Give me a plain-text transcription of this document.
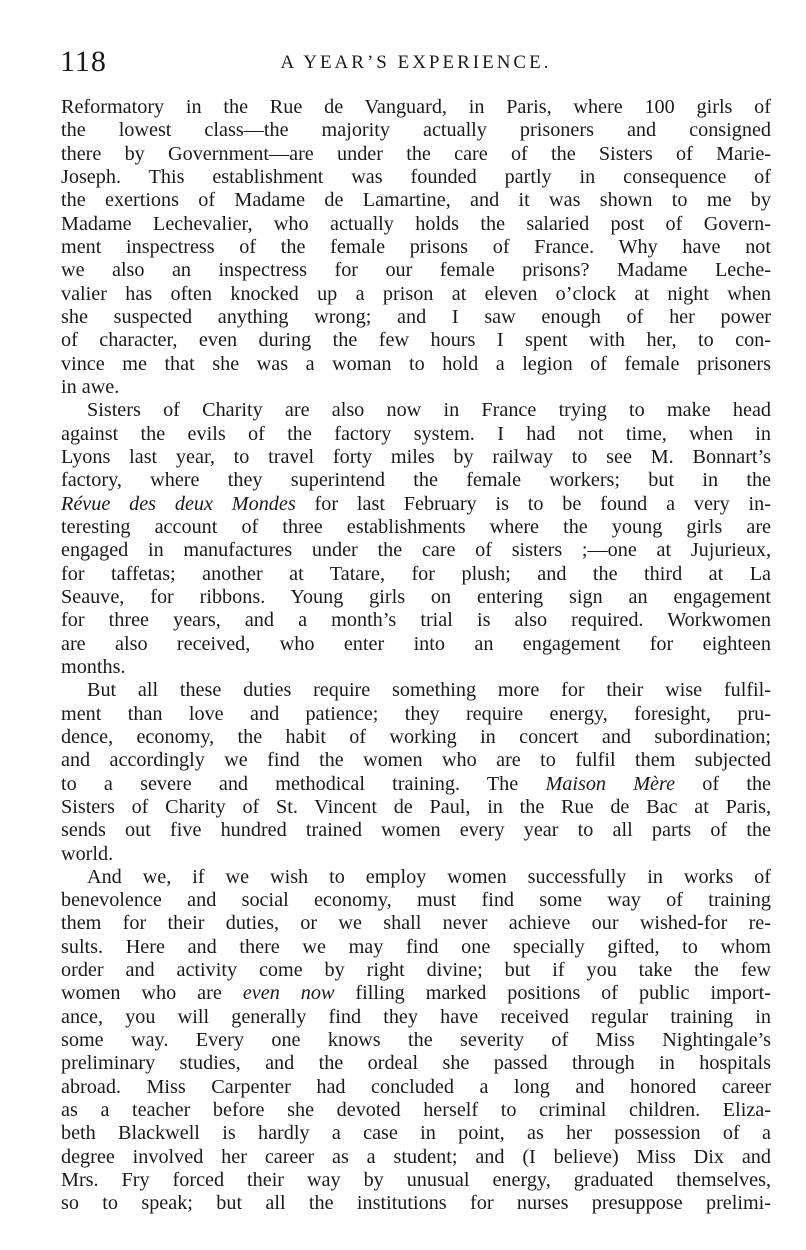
118	A YEAR’S EXPERIENCE.
Reformatory in the Rue de Vanguard, in Paris, where 100 girls of
the lowest class—the majority actually prisoners and consigned
there by Government—are under the care of the Sisters of Marie-
Joseph. This establishment was founded partly in consequence of
the exertions of Madame de Lamartine, and it was shown to me by
Madame Lechevalier, who actually holds the salaried post of Govern-
ment inspectress of the female prisons of France. Why have not
we also an inspectress for our female prisons? Madame Leche-
valier has often knocked up a prison at eleven o’clock at night when
she suspected anything wrong; and I saw enough of her power
of character, even during the few hours I spent with her, to con-
vince me that she was a woman to hold a legion of female prisoners
in awe.
Sisters of Charity are also now in France trying to make head
against the evils of the factory system. I had not time, when in
Lyons last year, to travel forty miles by railway to see M. Bonnart’s
factory, where they superintend the female workers; but in the
Révue des deux Mondes for last February is to be found a very in-
teresting account of three establishments where the young girls are
engaged in manufactures under the care of sisters ;—one at Jujurieux,
for taffetas; another at Tatare, for plush; and the third at La
Seauve, for ribbons. Young girls on entering sign an engagement
for three years, and a month’s trial is also required. Workwomen
are also received, who enter into an engagement for eighteen
months.
But all these duties require something more for their wise fulfil-
ment than love and patience; they require energy, foresight, pru-
dence, economy, the habit of working in concert and subordination;
and accordingly we find the women who are to fulfil them subjected
to a severe and methodical training. The Maison Mère of the
Sisters of Charity of St. Vincent de Paul, in the Rue de Bac at Paris,
sends out five hundred trained women every year to all parts of the
world.
And we, if we wish to employ women successfully in works of
benevolence and social economy, must find some way of training
them for their duties, or we shall never achieve our wished-for re-
sults. Here and there we may find one specially gifted, to whom
order and activity come by right divine; but if you take the few
women who are even now filling marked positions of public import-
ance, you will generally find they have received regular training in
some way. Every one knows the severity of Miss Nightingale’s
preliminary studies, and the ordeal she passed through in hospitals
abroad. Miss Carpenter had concluded a long and honored career
as a teacher before she devoted herself to criminal children. Eliza-
beth Blackwell is hardly a case in point, as her possession of a
degree involved her career as a student; and (I believe) Miss Dix and
Mrs. Fry forced their way by unusual energy, graduated themselves,
so to speak; but all the institutions for nurses presuppose prelimi-
